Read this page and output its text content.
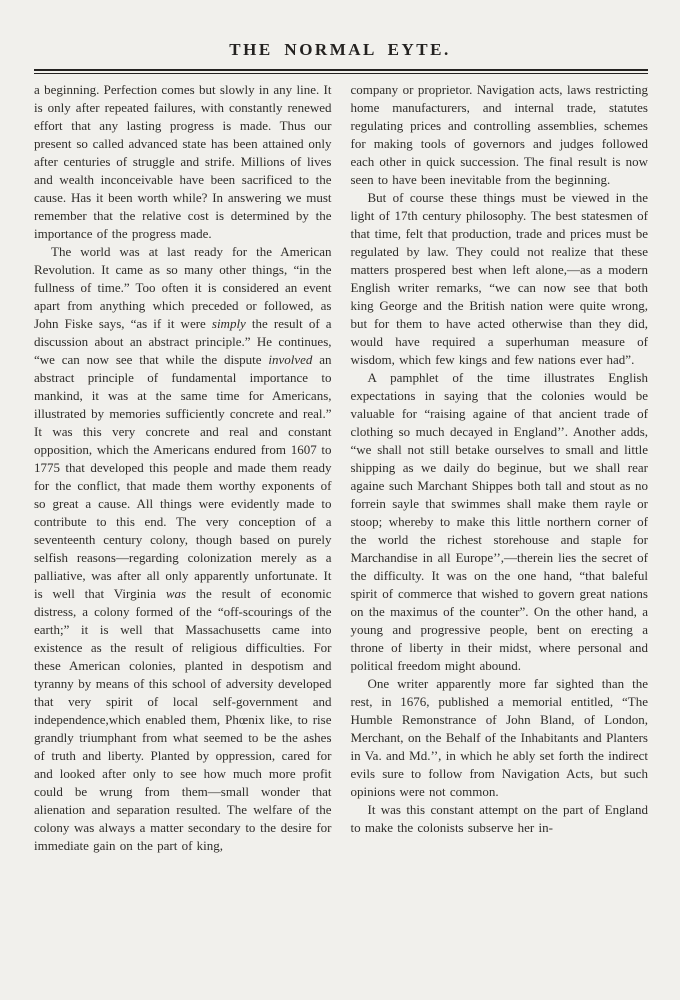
THE NORMAL EYTE.

a beginning. Perfection comes but slowly in any line. It is only after repeated failures, with constantly renewed effort that any lasting progress is made. Thus our present so called advanced state has been attained only after centuries of struggle and strife. Millions of lives and wealth inconceivable have been sacrificed to the cause. Has it been worth while? In answering we must remember that the relative cost is determined by the importance of the progress made.

The world was at last ready for the American Revolution. It came as so many other things, “in the fullness of time.” Too often it is considered an event apart from anything which preceded or followed, as John Fiske says, “as if it were simply the result of a discussion about an abstract principle.” He continues, “we can now see that while the dispute involved an abstract principle of fundamental importance to mankind, it was at the same time for Americans, illustrated by memories sufficiently concrete and real.” It was this very concrete and real and constant opposition, which the Americans endured from 1607 to 1775 that developed this people and made them ready for the conflict, that made them worthy exponents of so great a cause. All things were evidently made to contribute to this end. The very conception of a seventeenth century colony, though based on purely selfish reasons—regarding colonization merely as a palliative, was after all only apparently unfortunate. It is well that Virginia was the result of economic distress, a colony formed of the “off-scourings of the earth;” it is well that Massachusetts came into existence as the result of religious difficulties. For these American colonies, planted in despotism and tyranny by means of this school of adversity developed that very spirit of local self-government and independence,which enabled them, Phœnix like, to rise grandly triumphant from what seemed to be the ashes of truth and liberty. Planted by oppression, cared for and looked after only to see how much more profit could be wrung from them—small wonder that alienation and separation resulted. The welfare of the colony was always a matter secondary to the desire for immediate gain on the part of king,

company or proprietor. Navigation acts, laws restricting home manufacturers, and internal trade, statutes regulating prices and controlling assemblies, schemes for making tools of governors and judges followed each other in quick succession. The final result is now seen to have been inevitable from the beginning.

But of course these things must be viewed in the light of 17th century philosophy. The best statesmen of that time, felt that production, trade and prices must be regulated by law. They could not realize that these matters prospered best when left alone,—as a modern English writer remarks, “we can now see that both king George and the British nation were quite wrong, but for them to have acted otherwise than they did, would have required a superhuman measure of wisdom, which few kings and few nations ever had”.

A pamphlet of the time illustrates English expectations in saying that the colonies would be valuable for “raising againe of that ancient trade of clothing so much decayed in England’’. Another adds, “we shall not still betake ourselves to small and little shipping as we daily do beginue, but we shall rear againe such Marchant Shippes both tall and stout as no forrein sayle that swimmes shall make them rayle or stoop; whereby to make this little northern corner of the world the richest storehouse and staple for Marchandise in all Europe’’,—therein lies the secret of the difficulty. It was on the one hand, “that baleful spirit of commerce that wished to govern great nations on the maximus of the counter”. On the other hand, a young and progressive people, bent on erecting a throne of liberty in their midst, where personal and political freedom might abound.

One writer apparently more far sighted than the rest, in 1676, published a memorial entitled, “The Humble Remonstrance of John Bland, of London, Merchant, on the Behalf of the Inhabitants and Planters in Va. and Md.’’, in which he ably set forth the indirect evils sure to follow from Navigation Acts, but such opinions were not common.

It was this constant attempt on the part of England to make the colonists subserve her in-
